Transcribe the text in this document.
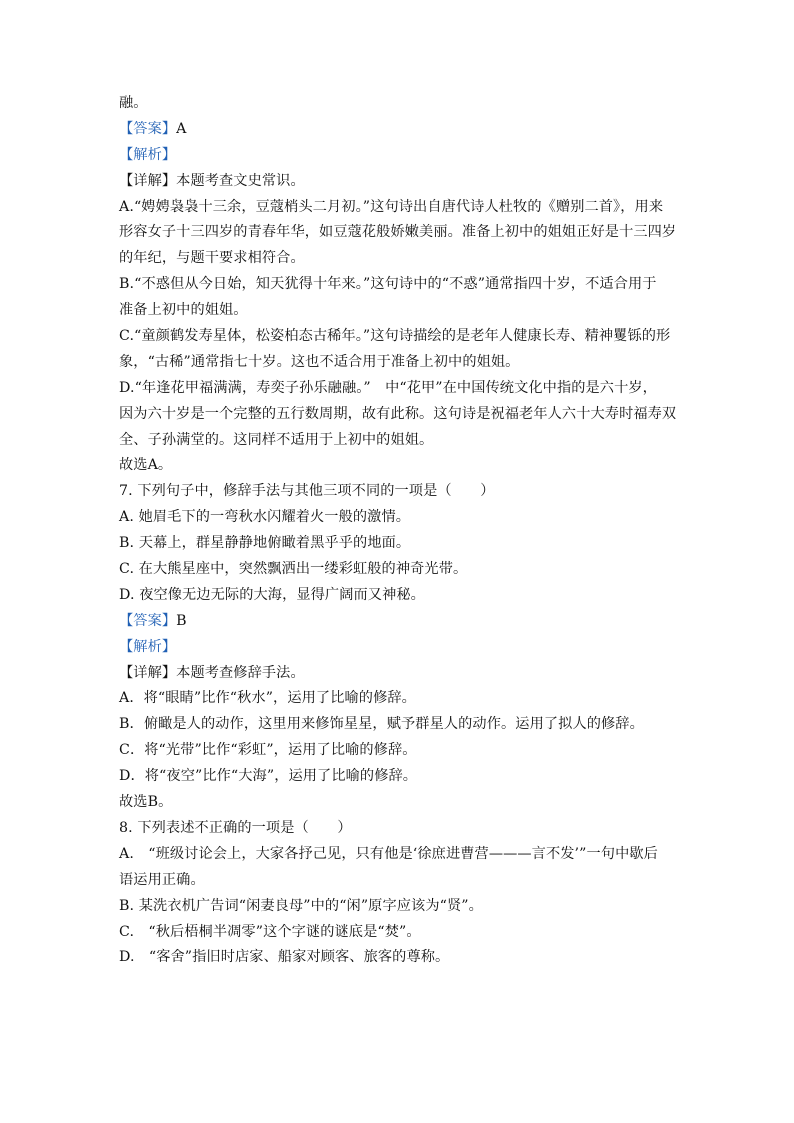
融。
【答案】A
【解析】
【详解】本题考查文史常识。
A.“娉娉袅袅十三余，豆蔻梢头二月初。”这句诗出自唐代诗人杜牧的《赠别二首》，用来
形容女子十三四岁的青春年华，如豆蔻花般娇嫩美丽。准备上初中的姐姐正好是十三四岁
的年纪，与题干要求相符合。
B.“不惑但从今日始，知天犹得十年来。”这句诗中的“不惑”通常指四十岁，不适合用于
准备上初中的姐姐。
C.“童颜鹤发寿星体，松姿柏态古稀年。”这句诗描绘的是老年人健康长寿、精神矍铄的形
象，“古稀”通常指七十岁。这也不适合用于准备上初中的姐姐。
D.“年逢花甲福满满，寿奕子孙乐融融。”　中“花甲”在中国传统文化中指的是六十岁，
因为六十岁是一个完整的五行数周期，故有此称。这句诗是祝福老年人六十大寿时福寿双
全、子孙满堂的。这同样不适用于上初中的姐姐。
故选A。
7. 下列句子中，修辞手法与其他三项不同的一项是（　　）
A. 她眉毛下的一弯秋水闪耀着火一般的激情。
B. 天幕上，群星静静地俯瞰着黑乎乎的地面。
C. 在大熊星座中，突然飘洒出一缕彩虹般的神奇光带。
D. 夜空像无边无际的大海，显得广阔而又神秘。
【答案】B
【解析】
【详解】本题考查修辞手法。
A．将“眼睛”比作“秋水”，运用了比喻的修辞。
B．俯瞰是人的动作，这里用来修饰星星，赋予群星人的动作。运用了拟人的修辞。
C．将“光带”比作“彩虹”，运用了比喻的修辞。
D．将“夜空”比作“大海”，运用了比喻的修辞。
故选B。
8. 下列表述不正确的一项是（　　）
A.　“班级讨论会上，大家各抒己见，只有他是‘徐庶进曹营———言不发’”一句中歇后
语运用正确。
B. 某洗衣机广告词“闲妻良母”中的“闲”原字应该为“贤”。
C.　“秋后梧桐半凋零”这个字谜的谜底是“焚”。
D.　“客舍”指旧时店家、船家对顾客、旅客的尊称。
